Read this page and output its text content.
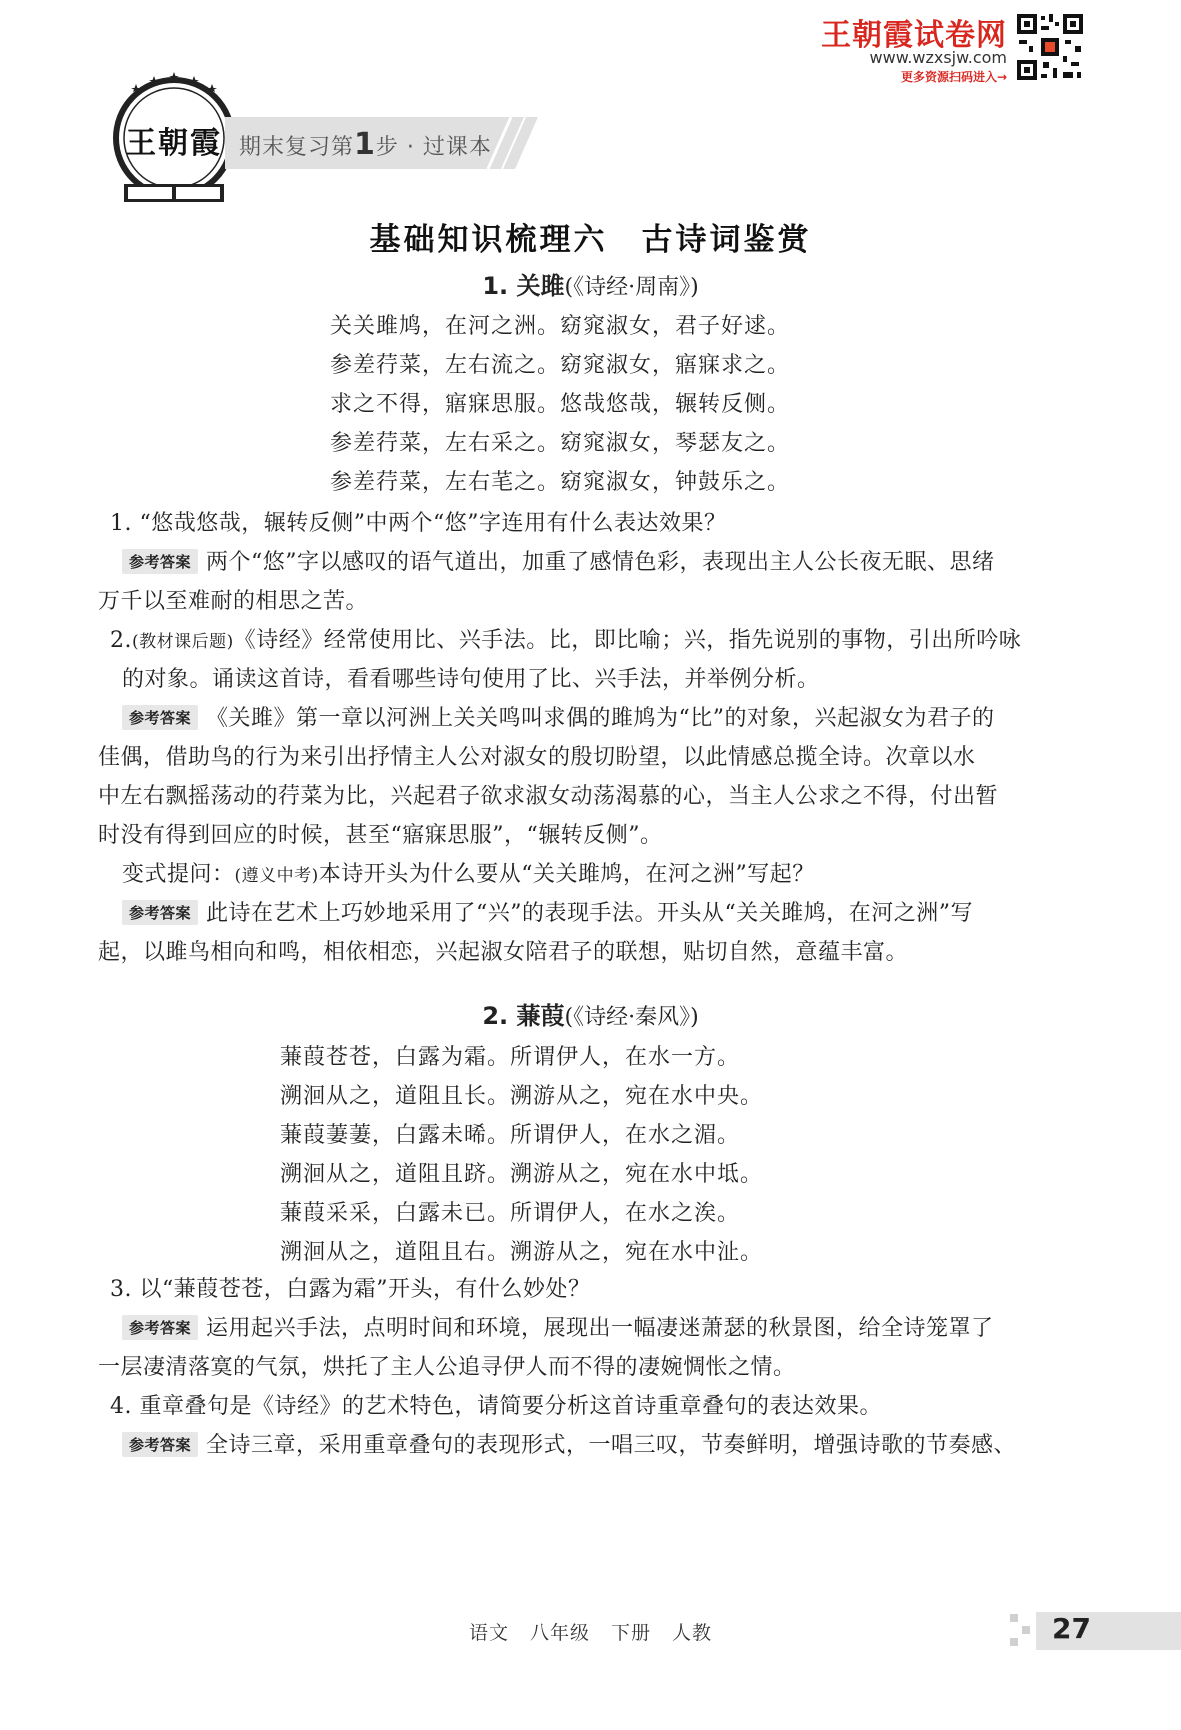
王朝霞试卷网
www.wzxsjw.com
更多资源扫码进入→
王朝霞 期末复习第1步 · 过课本
基础知识梳理六　古诗词鉴赏
1. 关雎(《诗经·周南》)
关关雎鸠，在河之洲。窈窕淑女，君子好逑。
参差荇菜，左右流之。窈窕淑女，寤寐求之。
求之不得，寤寐思服。悠哉悠哉，辗转反侧。
参差荇菜，左右采之。窈窕淑女，琴瑟友之。
参差荇菜，左右芼之。窈窕淑女，钟鼓乐之。
1. “悠哉悠哉，辗转反侧”中两个“悠”字连用有什么表达效果？
参考答案 两个“悠”字以感叹的语气道出，加重了感情色彩，表现出主人公长夜无眠、思绪
万千以至难耐的相思之苦。
2.(教材课后题)《诗经》经常使用比、兴手法。比，即比喻；兴，指先说别的事物，引出所吟咏
的对象。诵读这首诗，看看哪些诗句使用了比、兴手法，并举例分析。
参考答案 《关雎》第一章以河洲上关关鸣叫求偶的雎鸠为“比”的对象，兴起淑女为君子的
佳偶，借助鸟的行为来引出抒情主人公对淑女的殷切盼望，以此情感总揽全诗。次章以水
中左右飘摇荡动的荇菜为比，兴起君子欲求淑女动荡渴慕的心，当主人公求之不得，付出暂
时没有得到回应的时候，甚至“寤寐思服”，“辗转反侧”。
变式提问：(遵义中考)本诗开头为什么要从“关关雎鸠，在河之洲”写起？
参考答案 此诗在艺术上巧妙地采用了“兴”的表现手法。开头从“关关雎鸠，在河之洲”写
起，以雎鸟相向和鸣，相依相恋，兴起淑女陪君子的联想，贴切自然，意蕴丰富。
2. 蒹葭(《诗经·秦风》)
蒹葭苍苍，白露为霜。所谓伊人，在水一方。
溯洄从之，道阻且长。溯游从之，宛在水中央。
蒹葭萋萋，白露未晞。所谓伊人，在水之湄。
溯洄从之，道阻且跻。溯游从之，宛在水中坻。
蒹葭采采，白露未已。所谓伊人，在水之涘。
溯洄从之，道阻且右。溯游从之，宛在水中沚。
3. 以“蒹葭苍苍，白露为霜”开头，有什么妙处？
参考答案 运用起兴手法，点明时间和环境，展现出一幅凄迷萧瑟的秋景图，给全诗笼罩了
一层凄清落寞的气氛，烘托了主人公追寻伊人而不得的凄婉惆怅之情。
4. 重章叠句是《诗经》的艺术特色，请简要分析这首诗重章叠句的表达效果。
参考答案 全诗三章，采用重章叠句的表现形式，一唱三叹，节奏鲜明，增强诗歌的节奏感、
语文 八年级 下册 人教	27
